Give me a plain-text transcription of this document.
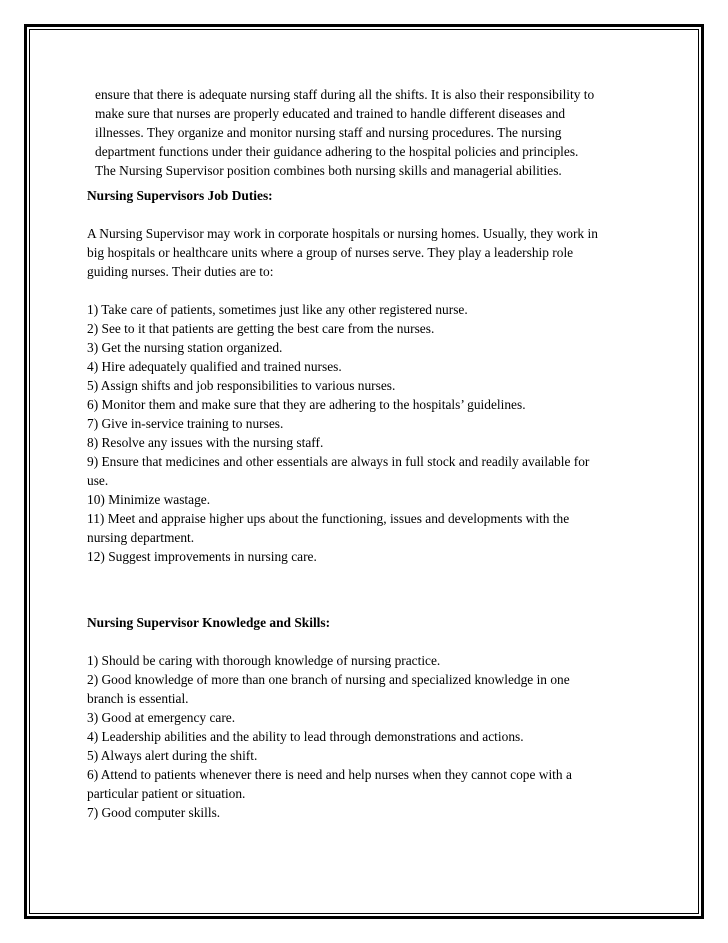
ensure that there is adequate nursing staff during all the shifts. It is also their responsibility to
make sure that nurses are properly educated and trained to handle different diseases and
illnesses. They organize and monitor nursing staff and nursing procedures. The nursing
department functions under their guidance adhering to the hospital policies and principles.
The Nursing Supervisor position combines both nursing skills and managerial abilities.
Nursing Supervisors Job Duties:
A Nursing Supervisor may work in corporate hospitals or nursing homes. Usually, they work in
big hospitals or healthcare units where a group of nurses serve. They play a leadership role
guiding nurses. Their duties are to:
1) Take care of patients, sometimes just like any other registered nurse.
2) See to it that patients are getting the best care from the nurses.
3) Get the nursing station organized.
4) Hire adequately qualified and trained nurses.
5) Assign shifts and job responsibilities to various nurses.
6) Monitor them and make sure that they are adhering to the hospitals’ guidelines.
7) Give in-service training to nurses.
8) Resolve any issues with the nursing staff.
9) Ensure that medicines and other essentials are always in full stock and readily available for
use.
10) Minimize wastage.
11) Meet and appraise higher ups about the functioning, issues and developments with the
nursing department.
12) Suggest improvements in nursing care.
Nursing Supervisor Knowledge and Skills:
1) Should be caring with thorough knowledge of nursing practice.
2) Good knowledge of more than one branch of nursing and specialized knowledge in one
branch is essential.
3) Good at emergency care.
4) Leadership abilities and the ability to lead through demonstrations and actions.
5) Always alert during the shift.
6) Attend to patients whenever there is need and help nurses when they cannot cope with a
particular patient or situation.
7) Good computer skills.
